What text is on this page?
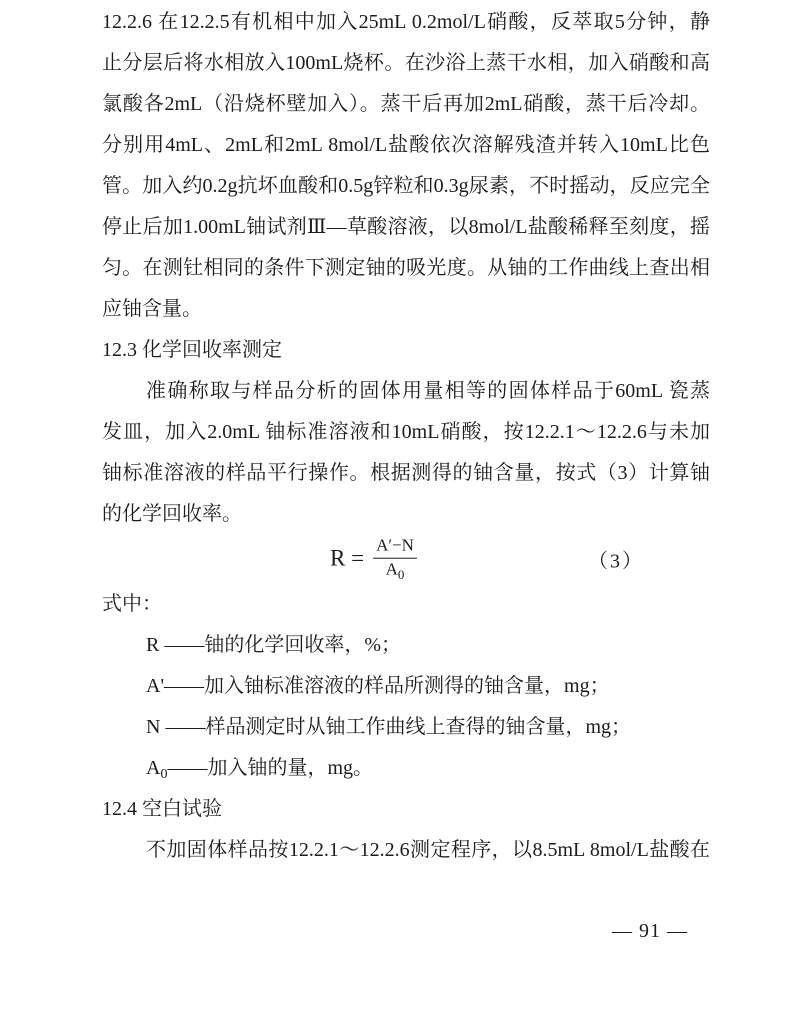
12.2.6 在12.2.5有机相中加入25mL 0.2mol/L硝酸，反萃取5分钟，静
止分层后将水相放入100mL烧杯。在沙浴上蒸干水相，加入硝酸和高
氯酸各2mL（沿烧杯壁加入）。蒸干后再加2mL硝酸，蒸干后冷却。
分别用4mL、2mL和2mL 8mol/L盐酸依次溶解残渣并转入10mL比色
管。加入约0.2g抗坏血酸和0.5g锌粒和0.3g尿素，不时摇动，反应完全
停止后加1.00mL铀试剂Ⅲ—草酸溶液，以8mol/L盐酸稀释至刻度，摇
匀。在测钍相同的条件下测定铀的吸光度。从铀的工作曲线上查出相
应铀含量。
12.3 化学回收率测定
准确称取与样品分析的固体用量相等的固体样品于60mL 瓷蒸
发皿，加入2.0mL 铀标准溶液和10mL硝酸，按12.2.1～12.2.6与未加
铀标准溶液的样品平行操作。根据测得的铀含量，按式（3）计算铀
的化学回收率。
$R = \frac{A'-N}{A_0}$	（3）
式中：
R ——铀的化学回收率，%；
A'——加入铀标准溶液的样品所测得的铀含量，mg；
N ——样品测定时从铀工作曲线上查得的铀含量，mg；
$A_0——$加入铀的量，mg。
12.4 空白试验
不加固体样品按12.2.1～12.2.6测定程序，以8.5mL 8mol/L盐酸在
— 91 —
